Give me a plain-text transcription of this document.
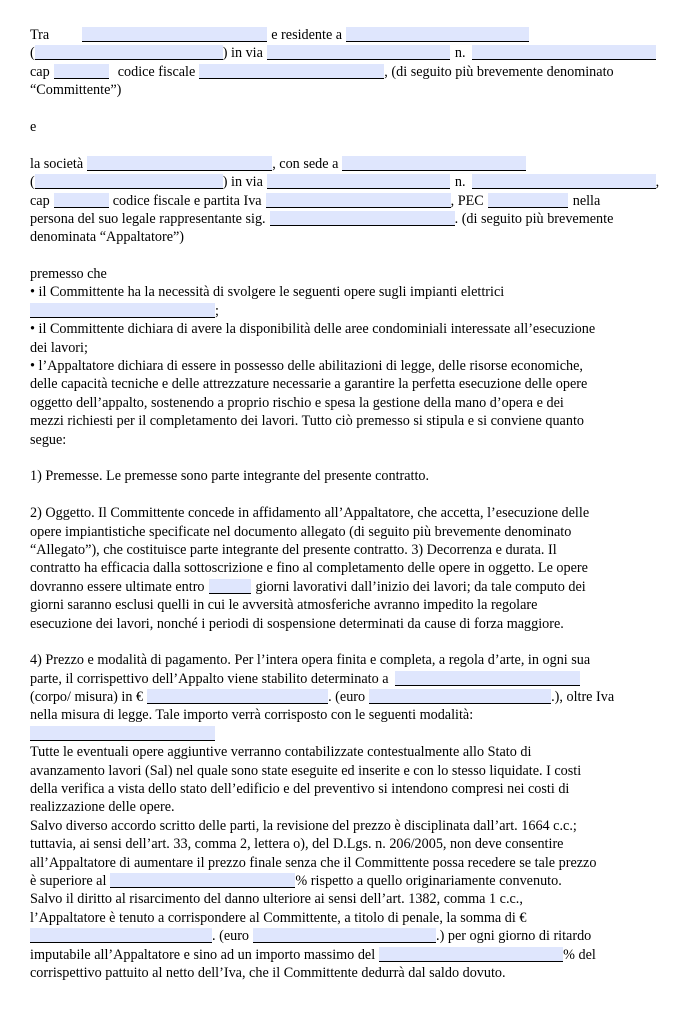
Tra	e residente a
(	) in via	n.
cap	codice fiscale	, (di seguito più brevemente denominato
“Committente”)
e
la società	, con sede a
(	) in via	n.	,
cap	codice fiscale e partita Iva	, PEC	nella
persona del suo legale rappresentante sig.	. (di seguito più brevemente
denominata “Appaltatore”)
premesso che
• il Committente ha la necessità di svolgere le seguenti opere sugli impianti elettrici
;
• il Committente dichiara di avere la disponibilità delle aree condominiali interessate all’esecuzione
dei lavori;
• l’Appaltatore dichiara di essere in possesso delle abilitazioni di legge, delle risorse economiche,
delle capacità tecniche e delle attrezzature necessarie a garantire la perfetta esecuzione delle opere
oggetto dell’appalto, sostenendo a proprio rischio e spesa la gestione della mano d’opera e dei
mezzi richiesti per il completamento dei lavori. Tutto ciò premesso si stipula e si conviene quanto
segue:
1) Premesse. Le premesse sono parte integrante del presente contratto.
2) Oggetto. Il Committente concede in affidamento all’Appaltatore, che accetta, l’esecuzione delle
opere impiantistiche specificate nel documento allegato (di seguito più brevemente denominato
“Allegato”), che costituisce parte integrante del presente contratto. 3) Decorrenza e durata. Il
contratto ha efficacia dalla sottoscrizione e fino al completamento delle opere in oggetto. Le opere
dovranno essere ultimate entro	giorni lavorativi dall’inizio dei lavori; da tale computo dei
giorni saranno esclusi quelli in cui le avversità atmosferiche avranno impedito la regolare
esecuzione dei lavori, nonché i periodi di sospensione determinati da cause di forza maggiore.
4) Prezzo e modalità di pagamento. Per l’intera opera finita e completa, a regola d’arte, in ogni sua
parte, il corrispettivo dell’Appalto viene stabilito determinato a
(corpo/ misura) in €	. (euro	.), oltre Iva
nella misura di legge. Tale importo verrà corrisposto con le seguenti modalità:
Tutte le eventuali opere aggiuntive verranno contabilizzate contestualmente allo Stato di
avanzamento lavori (Sal) nel quale sono state eseguite ed inserite e con lo stesso liquidate. I costi
della verifica a vista dello stato dell’edificio e del preventivo si intendono compresi nei costi di
realizzazione delle opere.
Salvo diverso accordo scritto delle parti, la revisione del prezzo è disciplinata dall’art. 1664 c.c.;
tuttavia, ai sensi dell’art. 33, comma 2, lettera o), del D.Lgs. n. 206/2005, non deve consentire
all’Appaltatore di aumentare il prezzo finale senza che il Committente possa recedere se tale prezzo
è superiore al	% rispetto a quello originariamente convenuto.
Salvo il diritto al risarcimento del danno ulteriore ai sensi dell’art. 1382, comma 1 c.c.,
l’Appaltatore è tenuto a corrispondere al Committente, a titolo di penale, la somma di €
. (euro	.) per ogni giorno di ritardo
imputabile all’Appaltatore e sino ad un importo massimo del	% del
corrispettivo pattuito al netto dell’Iva, che il Committente dedurrà dal saldo dovuto.
